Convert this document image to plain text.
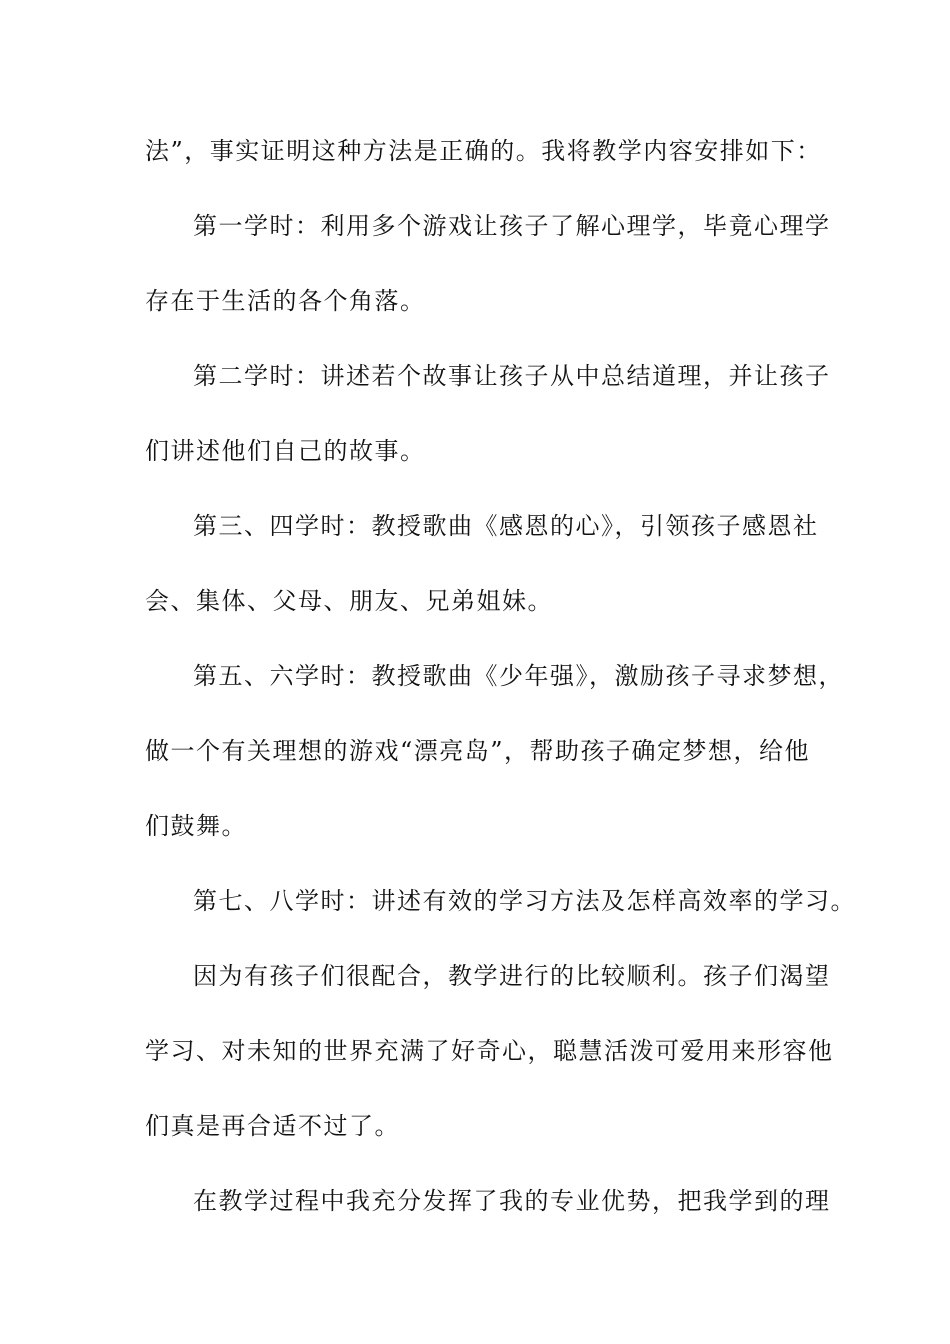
法”，事实证明这种方法是正确的。我将教学内容安排如下：
第一学时：利用多个游戏让孩子了解心理学，毕竟心理学
存在于生活的各个角落。
第二学时：讲述若个故事让孩子从中总结道理，并让孩子
们讲述他们自己的故事。
第三、四学时：教授歌曲《感恩的心》，引领孩子感恩社
会、集体、父母、朋友、兄弟姐妹。
第五、六学时：教授歌曲《少年强》，激励孩子寻求梦想，
做一个有关理想的游戏“漂亮岛”，帮助孩子确定梦想，给他
们鼓舞。
第七、八学时：讲述有效的学习方法及怎样高效率的学习。
因为有孩子们很配合，教学进行的比较顺利。孩子们渴望
学习、对未知的世界充满了好奇心，聪慧活泼可爱用来形容他
们真是再合适不过了。
在教学过程中我充分发挥了我的专业优势，把我学到的理
